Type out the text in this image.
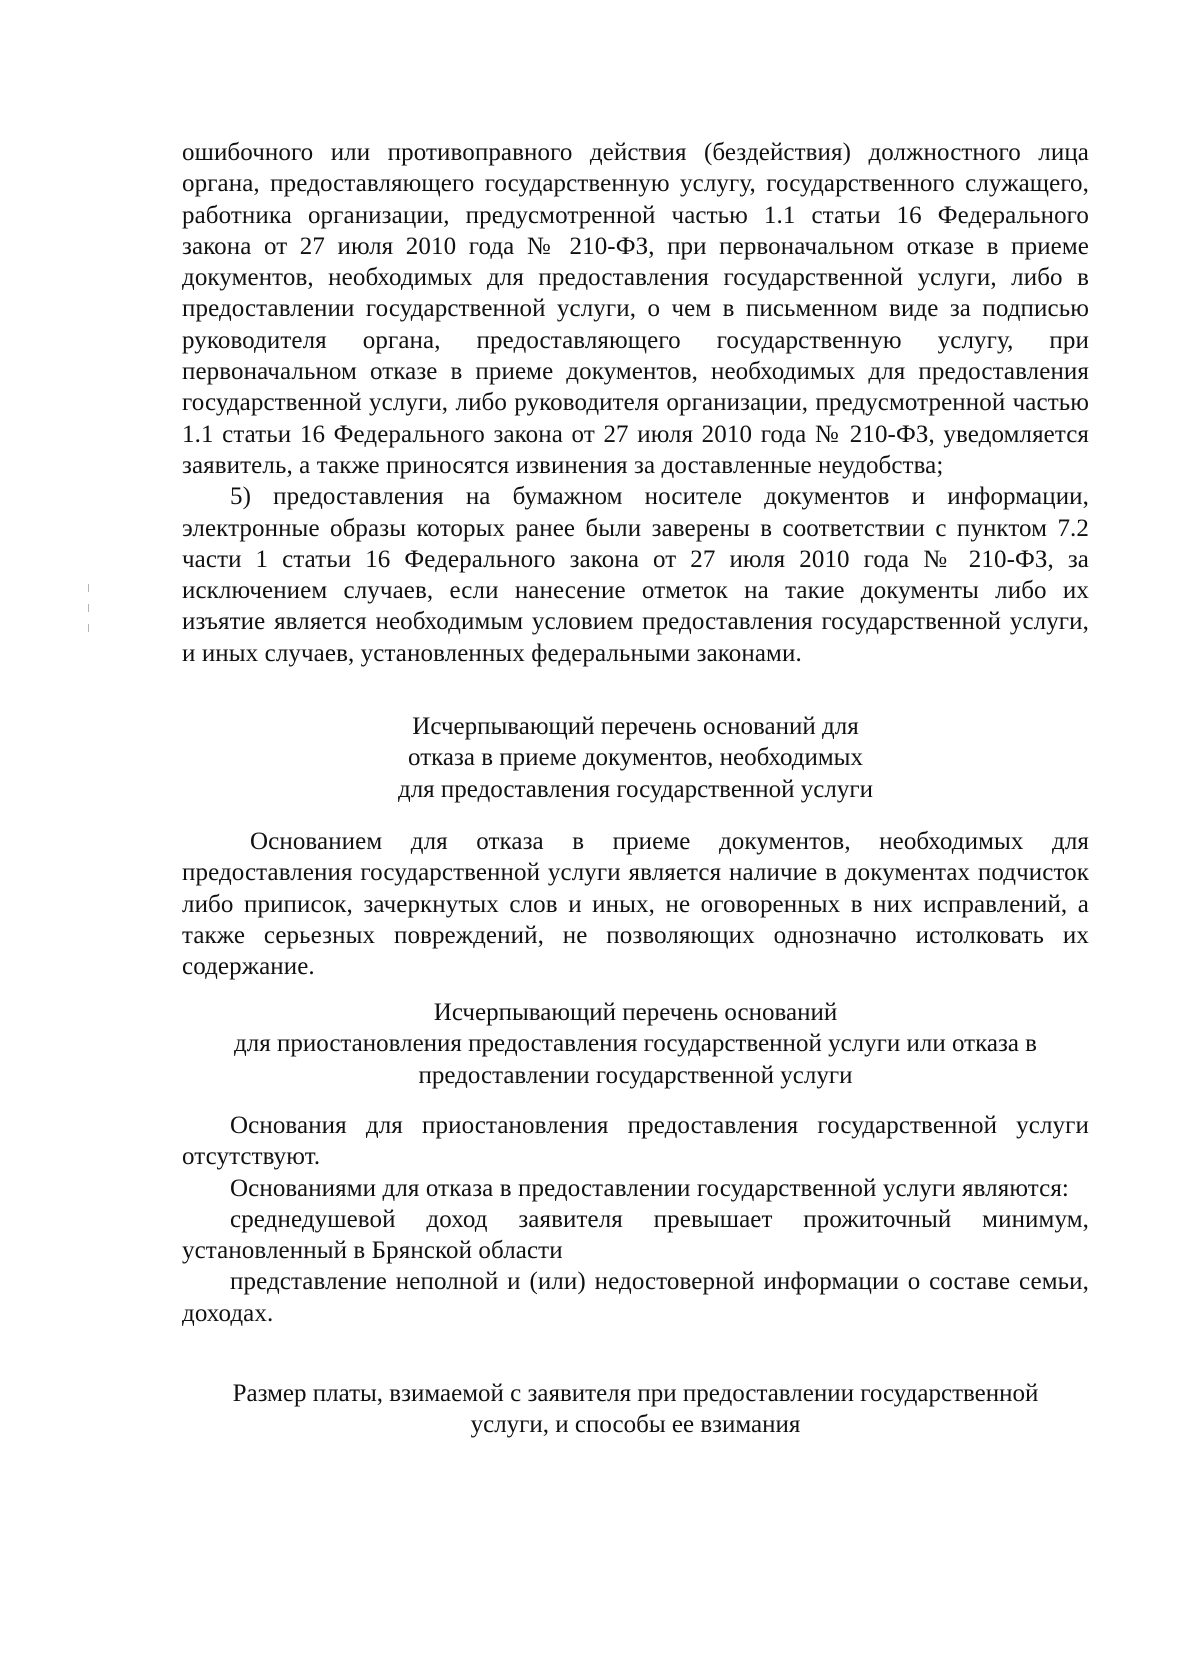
ошибочного или противоправного действия (бездействия) должностного лица органа, предоставляющего государственную услугу, государственного служащего, работника организации, предусмотренной частью 1.1 статьи 16 Федерального закона от 27 июля 2010 года № 210-ФЗ, при первоначальном отказе в приеме документов, необходимых для предоставления государственной услуги, либо в предоставлении государственной услуги, о чем в письменном виде за подписью руководителя органа, предоставляющего государственную услугу, при первоначальном отказе в приеме документов, необходимых для предоставления государственной услуги, либо руководителя организации, предусмотренной частью 1.1 статьи 16 Федерального закона от 27 июля 2010 года № 210-ФЗ, уведомляется заявитель, а также приносятся извинения за доставленные неудобства;

5) предоставления на бумажном носителе документов и информации, электронные образы которых ранее были заверены в соответствии с пунктом 7.2 части 1 статьи 16 Федерального закона от 27 июля 2010 года № 210-ФЗ, за исключением случаев, если нанесение отметок на такие документы либо их изъятие является необходимым условием предоставления государственной услуги, и иных случаев, установленных федеральными законами.

Исчерпывающий перечень оснований для
отказа в приеме документов, необходимых
для предоставления государственной услуги

Основанием для отказа в приеме документов, необходимых для предоставления государственной услуги является наличие в документах подчисток либо приписок, зачеркнутых слов и иных, не оговоренных в них исправлений, а также серьезных повреждений, не позволяющих однозначно истолковать их содержание.

Исчерпывающий перечень оснований
для приостановления предоставления государственной услуги или отказа в
предоставлении государственной услуги

Основания для приостановления предоставления государственной услуги отсутствуют.

Основаниями для отказа в предоставлении государственной услуги являются:

среднедушевой доход заявителя превышает прожиточный минимум, установленный в Брянской области

представление неполной и (или) недостоверной информации о составе семьи, доходах.

Размер платы, взимаемой с заявителя при предоставлении государственной
услуги, и способы ее взимания
